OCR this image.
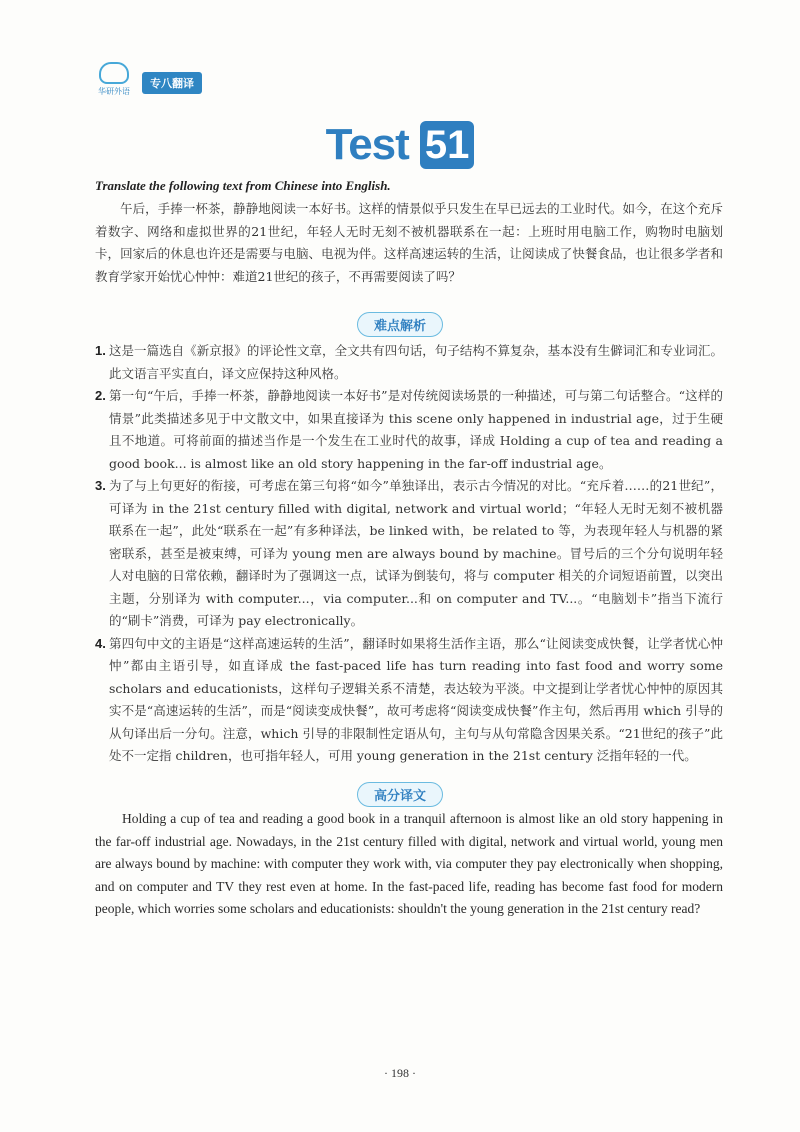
华研外语
专八翻译
Test 51
Translate the following text from Chinese into English.
午后，手捧一杯茶，静静地阅读一本好书。这样的情景似乎只发生在早已远去的工业时代。如今，在这个充斥着数字、网络和虚拟世界的21世纪，年轻人无时无刻不被机器联系在一起：上班时用电脑工作，购物时电脑划卡，回家后的休息也许还是需要与电脑、电视为伴。这样高速运转的生活，让阅读成了快餐食品，也让很多学者和教育学家开始忧心忡忡：难道21世纪的孩子，不再需要阅读了吗？
难点解析
1. 这是一篇选自《新京报》的评论性文章，全文共有四句话，句子结构不算复杂，基本没有生僻词汇和专业词汇。此文语言平实直白，译文应保持这种风格。
2. 第一句“午后，手捧一杯茶，静静地阅读一本好书”是对传统阅读场景的一种描述，可与第二句话整合。“这样的情景”此类描述多见于中文散文中，如果直接译为 this scene only happened in industrial age，过于生硬且不地道。可将前面的描述当作是一个发生在工业时代的故事，译成 Holding a cup of tea and reading a good book... is almost like an old story happening in the far-off industrial age。
3. 为了与上句更好的衔接，可考虑在第三句将“如今”单独译出，表示古今情况的对比。“充斥着……的21世纪”，可译为 in the 21st century filled with digital, network and virtual world；“年轻人无时无刻不被机器联系在一起”，此处“联系在一起”有多种译法，be linked with，be related to 等，为表现年轻人与机器的紧密联系，甚至是被束缚，可译为 young men are always bound by machine。冒号后的三个分句说明年轻人对电脑的日常依赖，翻译时为了强调这一点，试译为倒装句，将与 computer 相关的介词短语前置，以突出主题，分别译为 with computer...，via computer...和 on computer and TV...。“电脑划卡”指当下流行的“刷卡”消费，可译为 pay electronically。
4. 第四句中文的主语是“这样高速运转的生活”，翻译时如果将生活作主语，那么“让阅读变成快餐，让学者忧心忡忡”都由主语引导，如直译成 the fast-paced life has turn reading into fast food and worry some scholars and educationists，这样句子逻辑关系不清楚，表达较为平淡。中文提到让学者忧心忡忡的原因其实不是“高速运转的生活”，而是“阅读变成快餐”，故可考虑将“阅读变成快餐”作主句，然后再用 which 引导的从句译出后一分句。注意，which 引导的非限制性定语从句，主句与从句常隐含因果关系。“21世纪的孩子”此处不一定指 children，也可指年轻人，可用 young generation in the 21st century 泛指年轻的一代。
高分译文
Holding a cup of tea and reading a good book in a tranquil afternoon is almost like an old story happening in the far-off industrial age. Nowadays, in the 21st century filled with digital, network and virtual world, young men are always bound by machine: with computer they work with, via computer they pay electronically when shopping, and on computer and TV they rest even at home. In the fast-paced life, reading has become fast food for modern people, which worries some scholars and educationists: shouldn't the young generation in the 21st century read?
· 198 ·
